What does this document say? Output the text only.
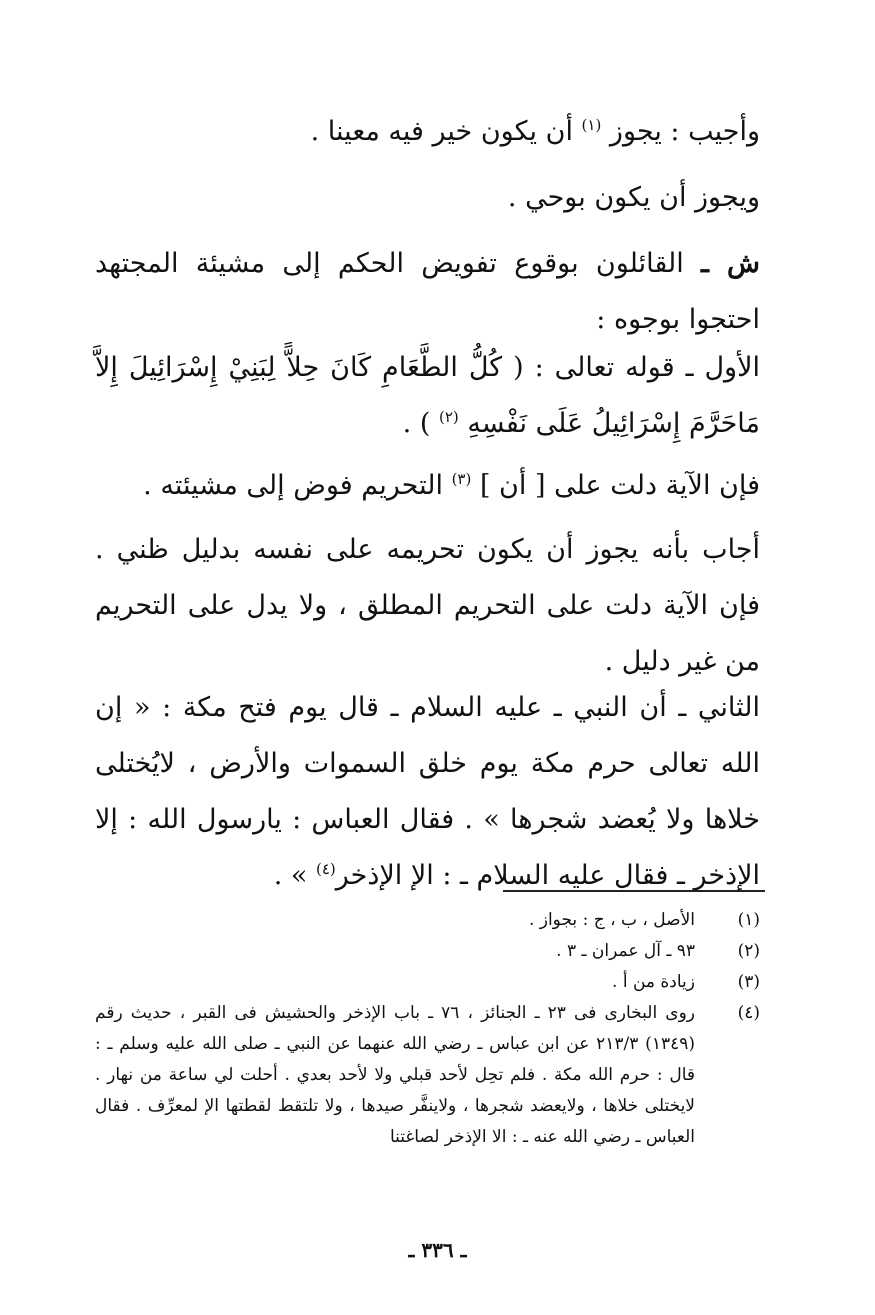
وأجيب : يجوز $^{(١)}$ أن يكون خير فيه معينا .

ويجوز أن يكون بوحي .

ش ـ القائلون بوقوع تفويض الحكم إلى مشيئة المجتهد احتجوا بوجوه :

الأول ـ قوله تعالى : ( كُلُّ الطَّعَامِ كَانَ حِلاًّ لِبَنِيْ إِسْرَائِيلَ إِلاَّ مَاحَرَّمَ إِسْرَائِيلُ عَلَى نَفْسِهِ $^{(٢)}$ ) .

فإن الآية دلت على [ أن ] $^{(٣)}$ التحريم فوض إلى مشيئته .

أجاب بأنه يجوز أن يكون تحريمه على نفسه بدليل ظني . فإن الآية دلت على التحريم المطلق ، ولا يدل على التحريم من غير دليل .

الثاني ـ أن النبي ـ عليه السلام ـ قال يوم فتح مكة : « إن الله تعالى حرم مكة يوم خلق السموات والأرض ، لايُختلى خلاها ولا يُعضد شجرها » . فقال العباس : يارسول الله : إلا الإذخر ـ فقال عليه السلام ـ : الإ الإذخر$^{(٤)}$ » .

(١)
الأصل ، ب ، ج : بجواز .
(٢)
٩٣ ـ آل عمران ـ ٣ .
(٣)
زيادة من أ .
(٤)
روى البخارى فى ٢٣ ـ الجنائز ، ٧٦ ـ باب الإذخر والحشيش فى القبر ، حديث رقم (١٣٤٩) ٢١٣/٣ عن ابن عباس ـ رضي الله عنهما عن النبي ـ صلى الله عليه وسلم ـ : قال : حرم الله مكة . فلم تحِل لأحد قبلي ولا لأحد بعدي . أحلت لي ساعة من نهار . لايختلى خلاها ، ولايعضد شجرها ، ولاينفَّر صيدها ، ولا تلتقط لقطتها الإ لمعرِّف . فقال العباس ـ رضي الله عنه ـ : الا الإذخر لصاغتنا
ـ ٣٣٦ ـ
